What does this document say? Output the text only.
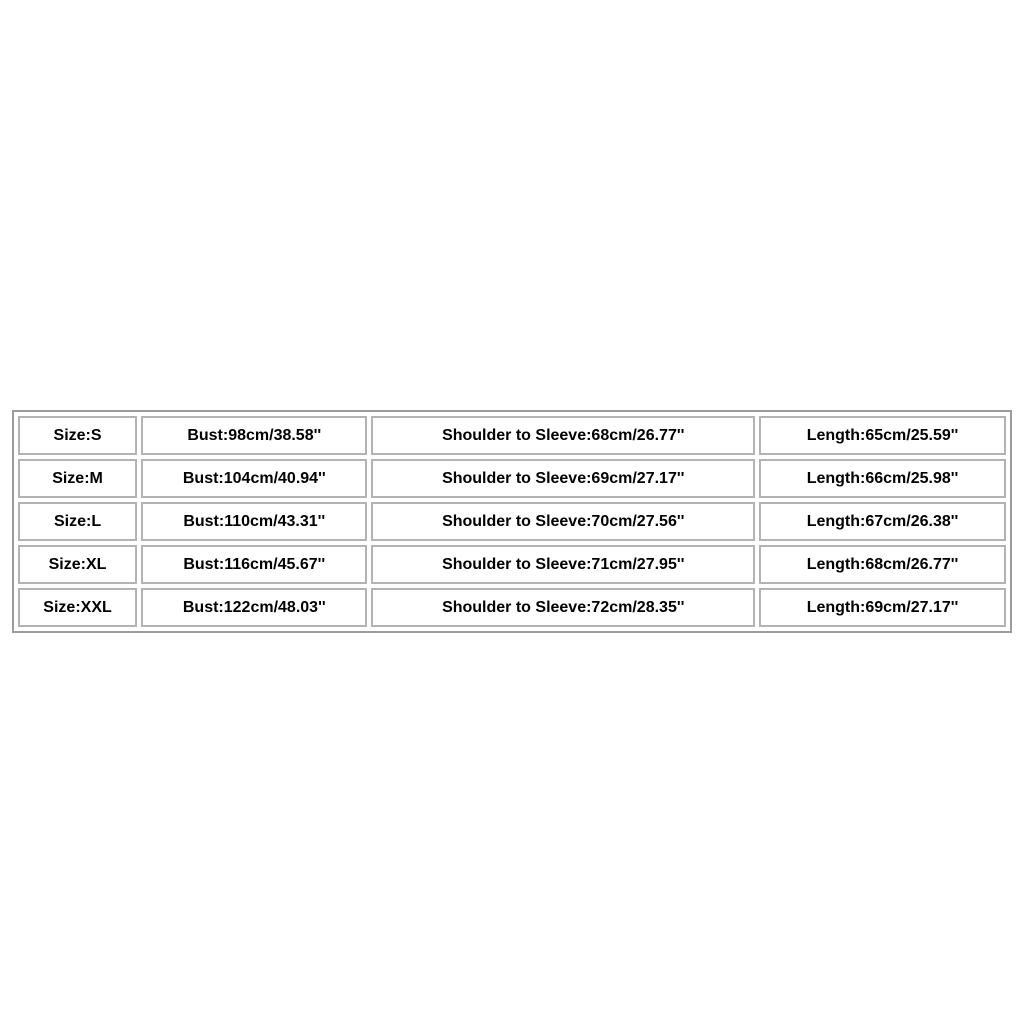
Size:S	Bust:98cm/38.58''	Shoulder to Sleeve:68cm/26.77''	Length:65cm/25.59''
Size:M	Bust:104cm/40.94''	Shoulder to Sleeve:69cm/27.17''	Length:66cm/25.98''
Size:L	Bust:110cm/43.31''	Shoulder to Sleeve:70cm/27.56''	Length:67cm/26.38''
Size:XL	Bust:116cm/45.67''	Shoulder to Sleeve:71cm/27.95''	Length:68cm/26.77''
Size:XXL	Bust:122cm/48.03''	Shoulder to Sleeve:72cm/28.35''	Length:69cm/27.17''
